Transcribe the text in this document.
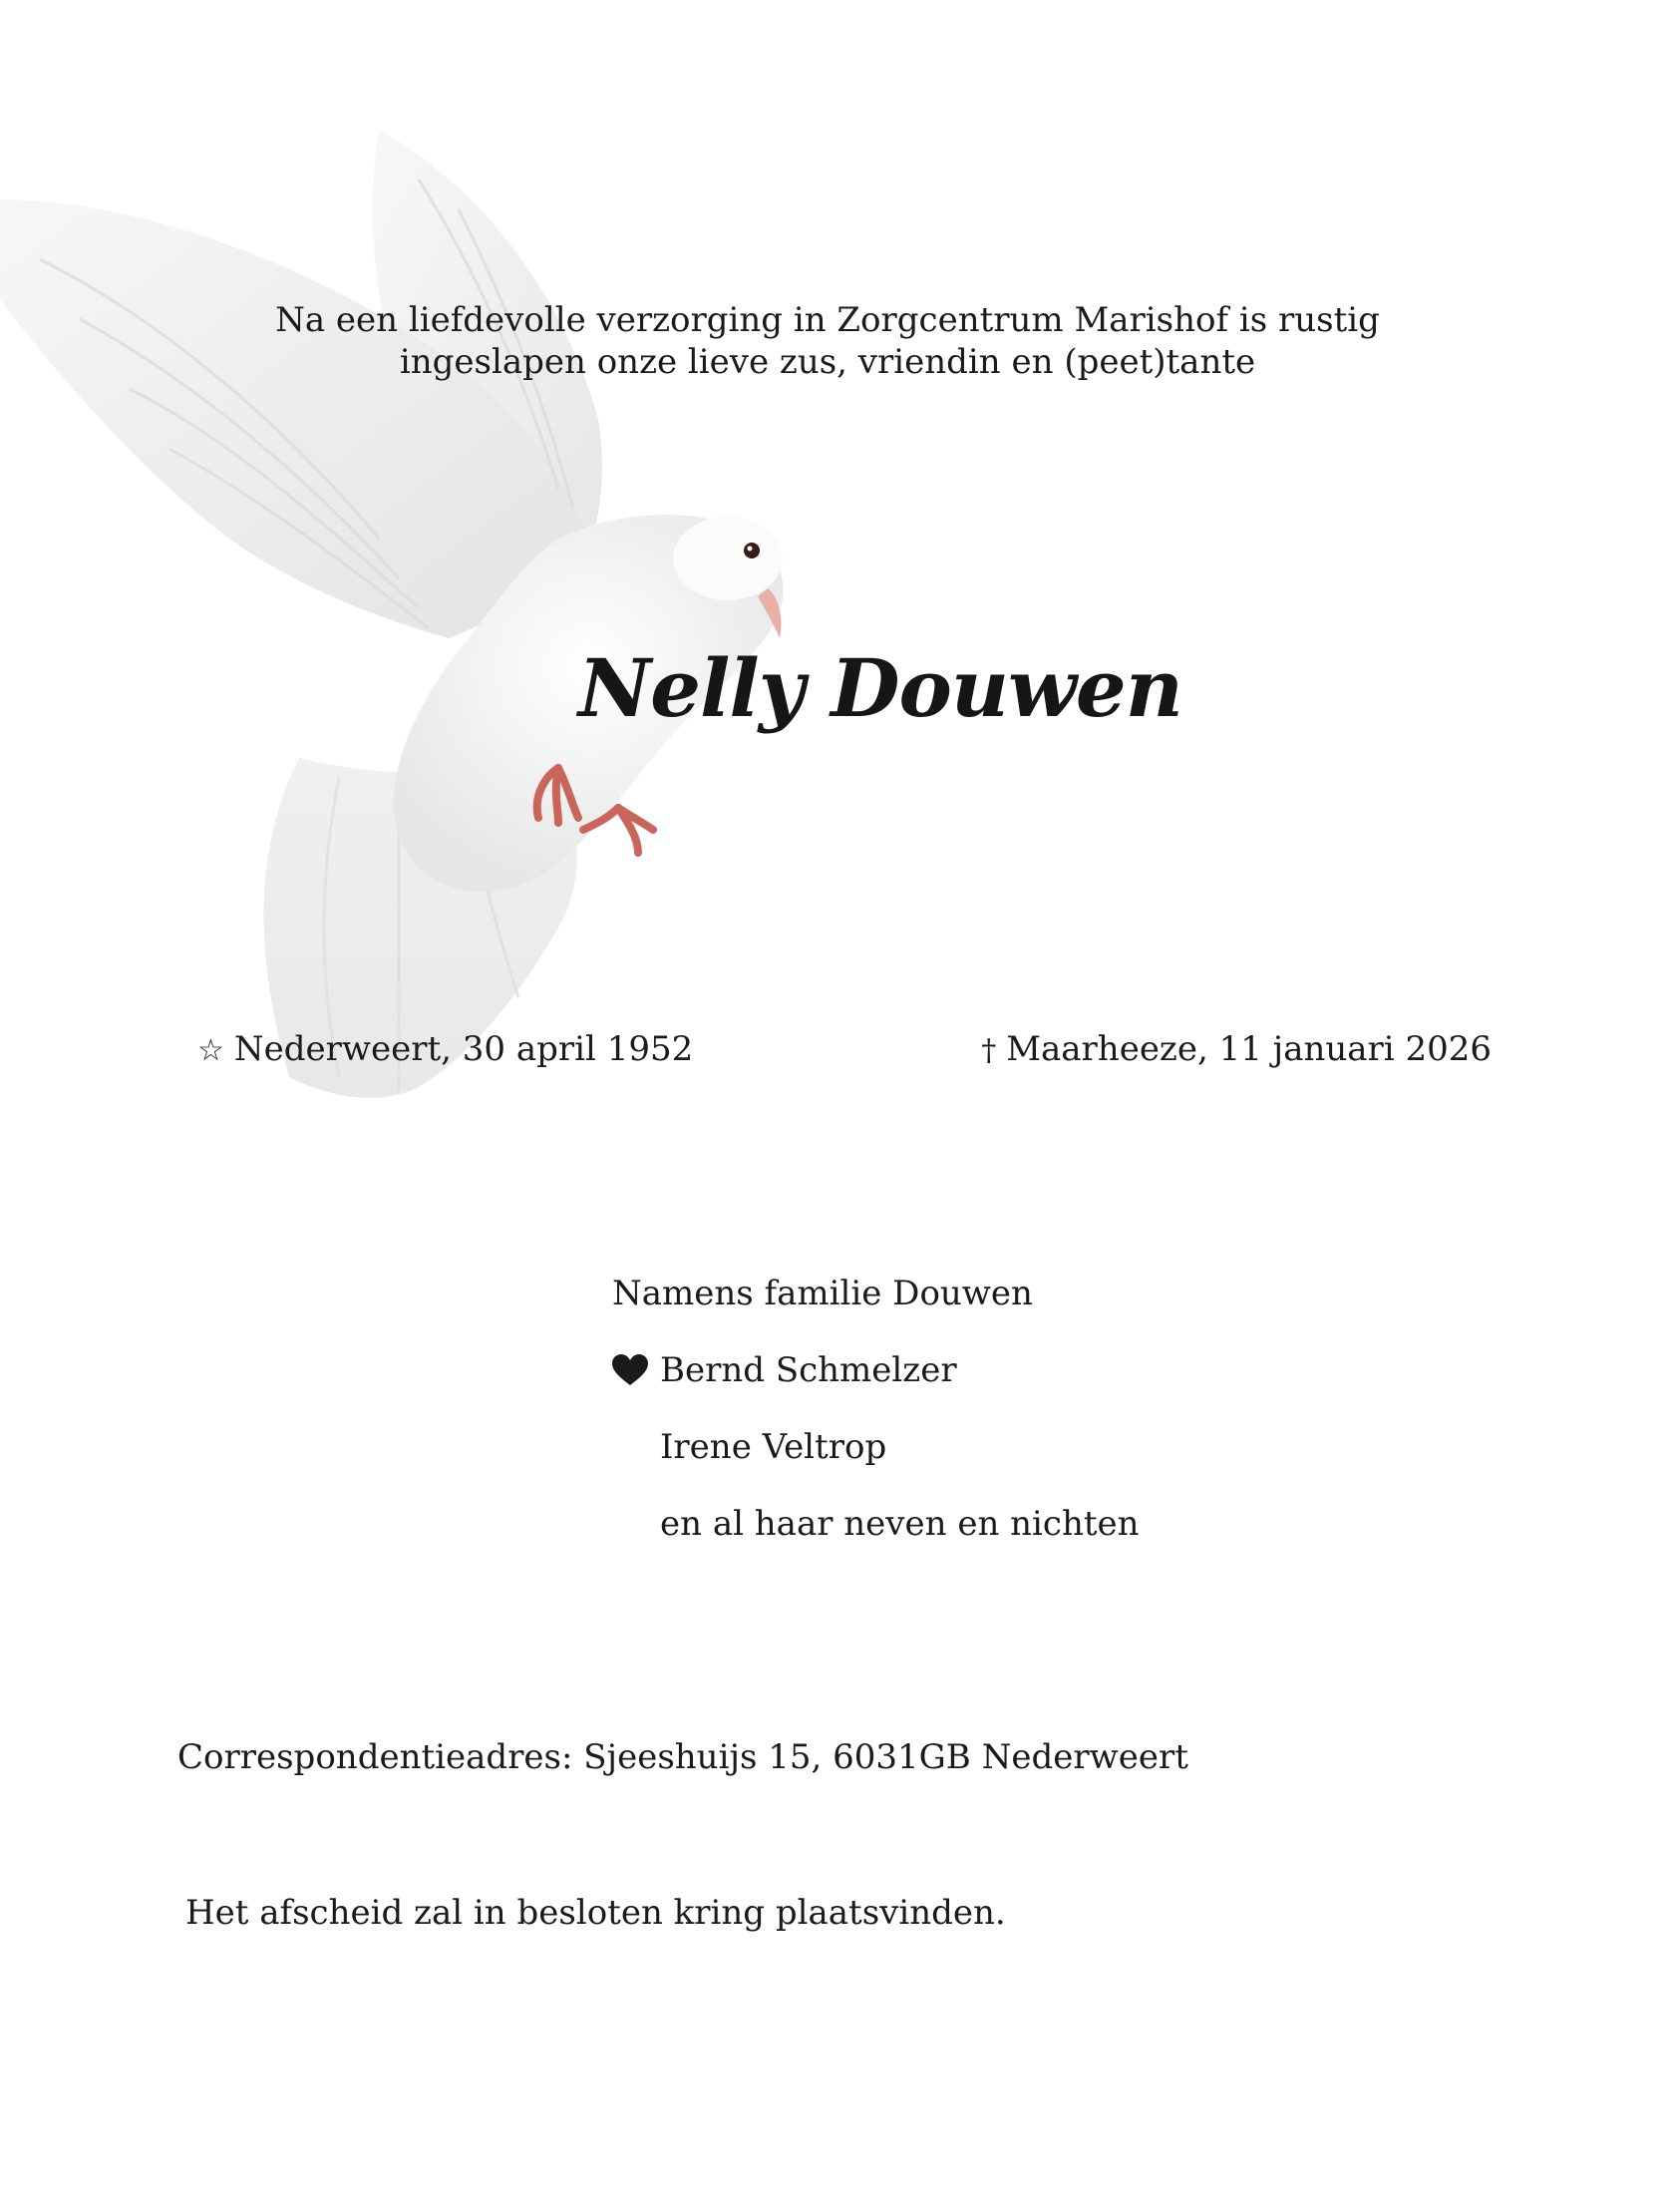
Na een liefdevolle verzorging in Zorgcentrum Marishof is rustig
ingeslapen onze lieve zus, vriendin en (peet)tante
Nelly Douwen
☆ Nederweert, 30 april 1952	† Maarheeze, 11 januari 2026
Namens familie Douwen
Bernd Schmelzer
Irene Veltrop
en al haar neven en nichten
Correspondentieadres: Sjeeshuijs 15, 6031GB Nederweert
Het afscheid zal in besloten kring plaatsvinden.
